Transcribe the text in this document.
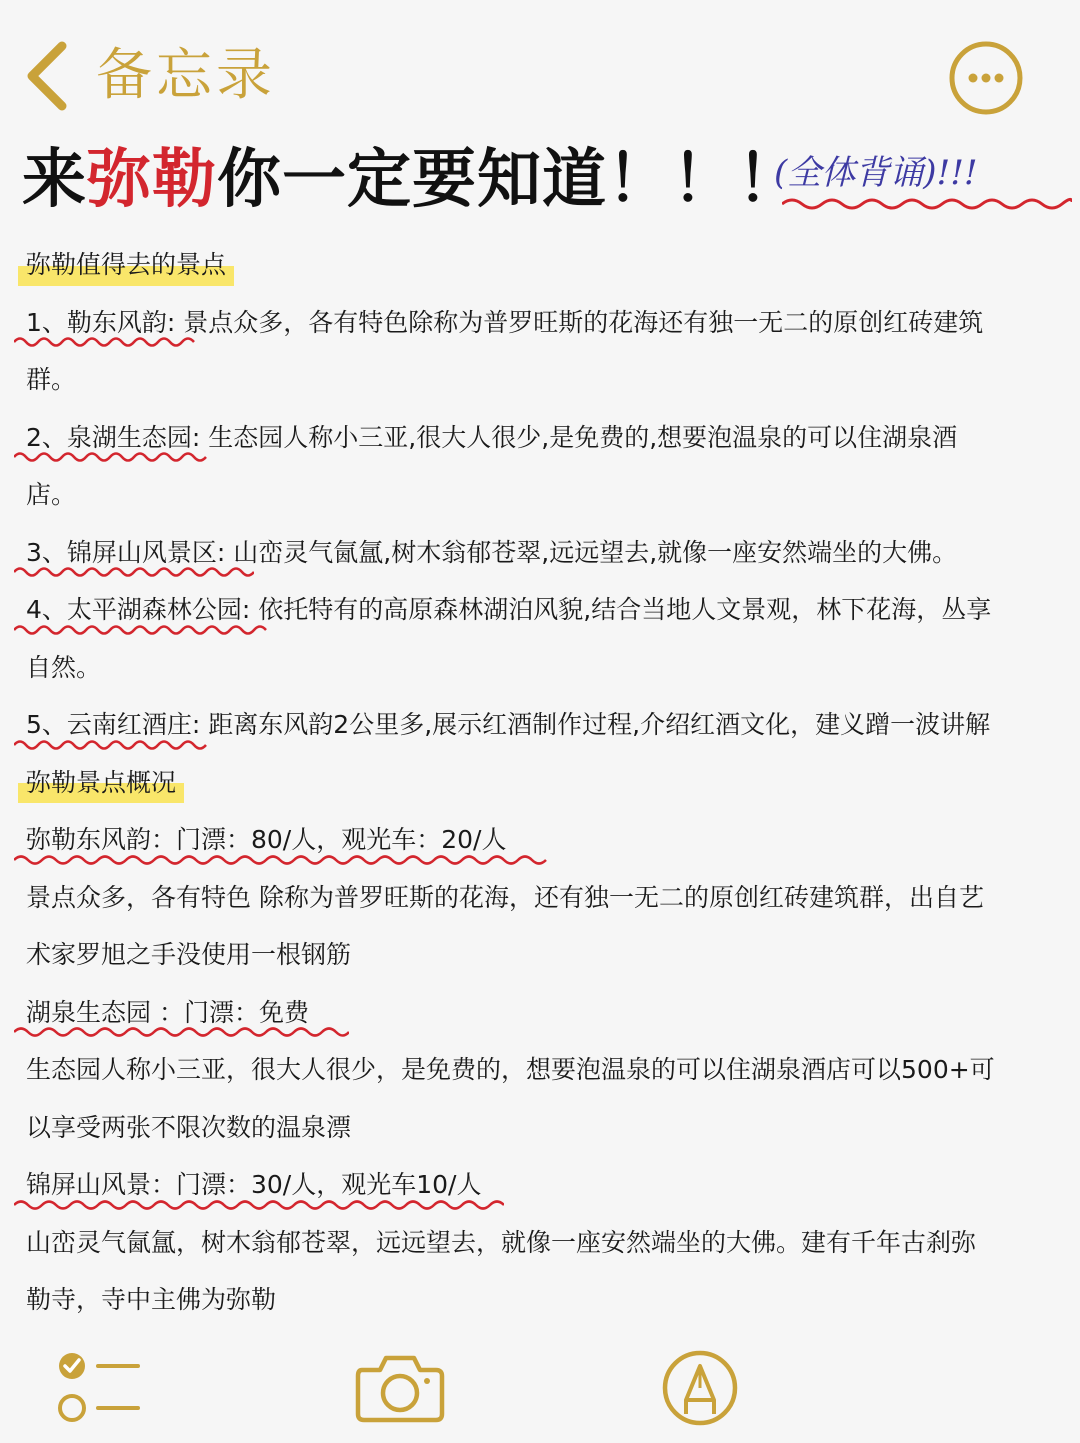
备忘录
来弥勒你一定要知道！！！
(全体背诵)!!!
弥勒值得去的景点
1、勒东风韵: 景点众多，各有特色除称为普罗旺斯的花海还有独一无二的原创红砖建筑
群。
2、泉湖生态园: 生态园人称小三亚,很大人很少,是免费的,想要泡温泉的可以住湖泉酒
店。
3、锦屏山风景区: 山峦灵气氤氲,树木翁郁苍翠,远远望去,就像一座安然端坐的大佛。
4、太平湖森林公园: 依托特有的高原森林湖泊风貌,结合当地人文景观，林下花海，丛享
自然。
5、云南红酒庄: 距离东风韵2公里多,展示红酒制作过程,介绍红酒文化，建义蹭一波讲解
弥勒景点概况
弥勒东风韵：门漂：80/人，观光车：20/人
景点众多，各有特色 除称为普罗旺斯的花海，还有独一无二的原创红砖建筑群，出自艺
术家罗旭之手没使用一根钢筋
湖泉生态园 ：门漂：免费
生态园人称小三亚，很大人很少，是免费的，想要泡温泉的可以住湖泉酒店可以500+可
以享受两张不限次数的温泉漂
锦屏山风景：门漂：30/人，观光车10/人
山峦灵气氤氲，树木翁郁苍翠，远远望去，就像一座安然端坐的大佛。建有千年古刹弥
勒寺，寺中主佛为弥勒
